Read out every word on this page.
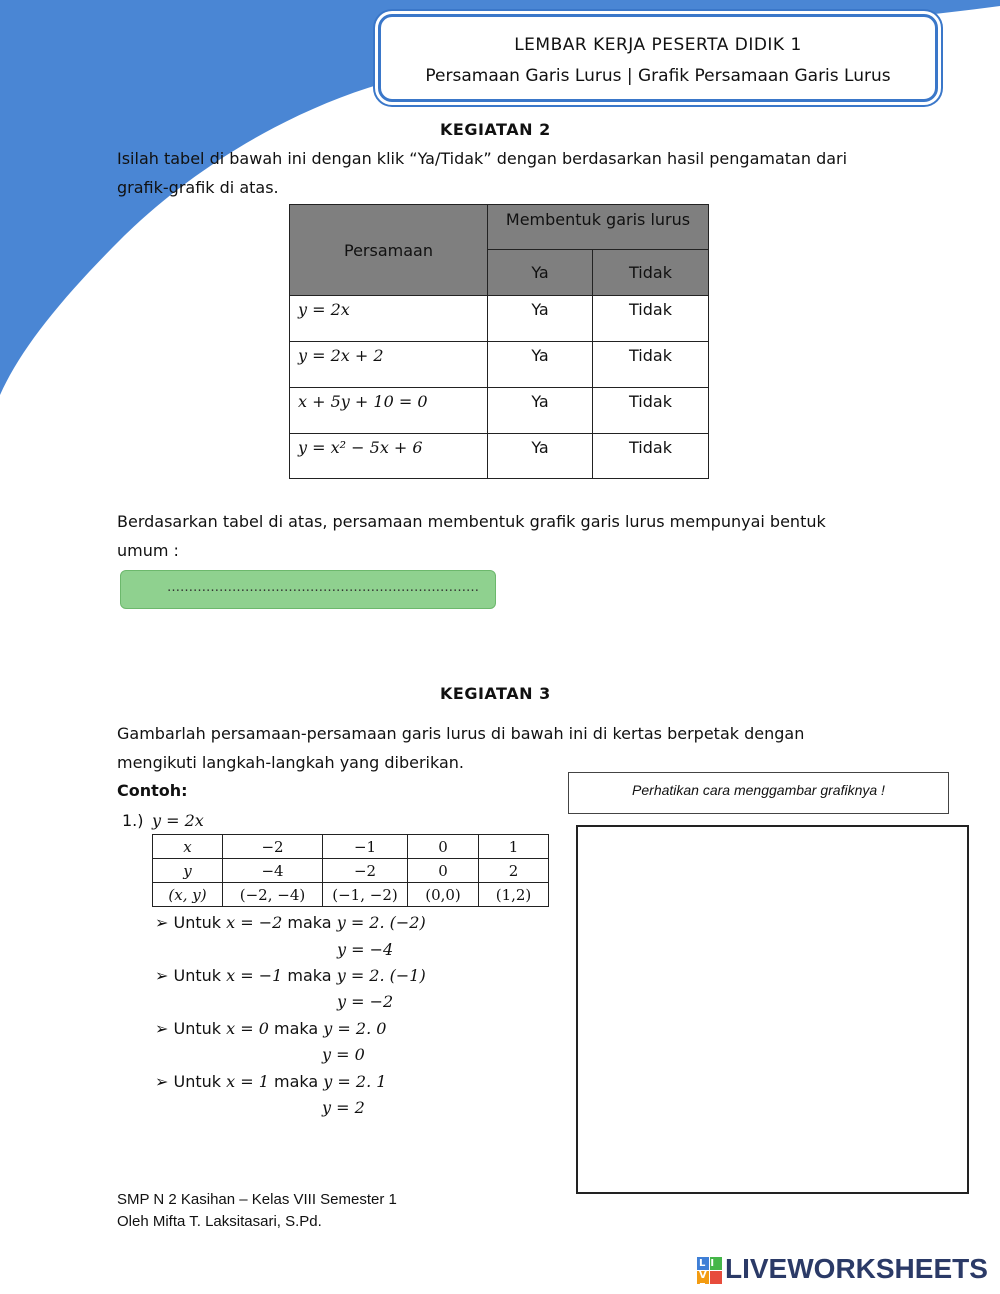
LEMBAR KERJA PESERTA DIDIK 1
Persamaan Garis Lurus | Grafik Persamaan Garis Lurus
KEGIATAN 2
Isilah tabel di bawah ini dengan klik “Ya/Tidak” dengan berdasarkan hasil pengamatan dari
grafik-grafik di atas.
Persamaan	Membentuk garis lurus	
	Ya	Tidak
y = 2x	Ya	Tidak
y = 2x + 2	Ya	Tidak
x + 5y + 10 = 0	Ya	Tidak
y = x² − 5x + 6	Ya	Tidak
Berdasarkan tabel di atas, persamaan membentuk grafik garis lurus mempunyai bentuk
umum :
………………………………………………………………
KEGIATAN 3
Gambarlah persamaan-persamaan garis lurus di bawah ini di kertas berpetak dengan
mengikuti langkah-langkah yang diberikan.
Contoh:	Perhatikan cara menggambar grafiknya !
1.) y = 2x
x	−2	−1	0	1
y	−4	−2	0	2
(x, y)	(−2, −4)	(−1, −2)	(0,0)	(1,2)
➢ Untuk x = −2 maka y = 2. (−2)
y = −4
➢ Untuk x = −1 maka y = 2. (−1)
y = −2
➢ Untuk x = 0 maka y = 2. 0
y = 0
➢ Untuk x = 1 maka y = 2. 1
y = 2
SMP N 2 Kasihan – Kelas VIII Semester 1
Oleh Mifta T. Laksitasari, S.Pd.
LIVE
LIVEWORKSHEETS
